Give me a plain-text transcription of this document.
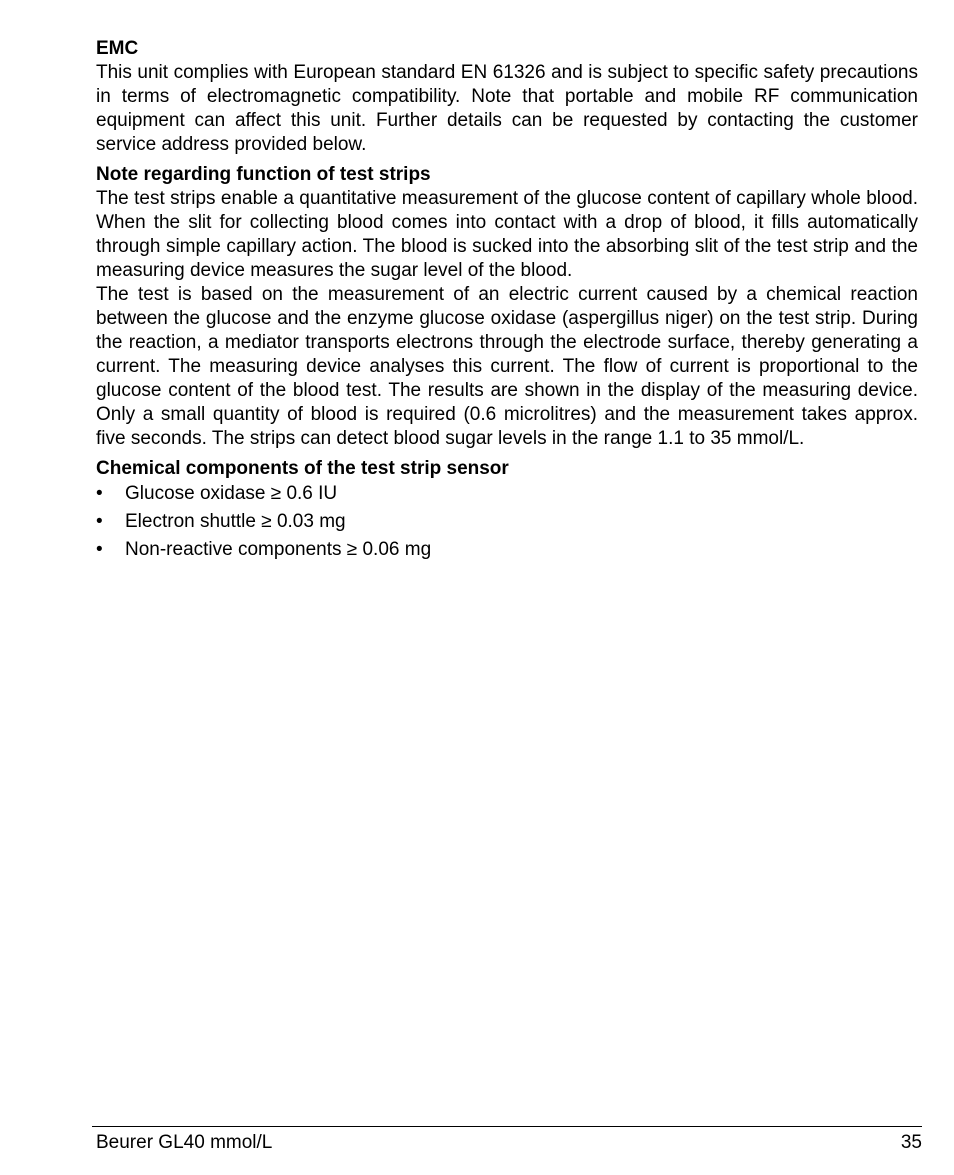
EMC

This unit complies with European standard EN 61326 and is subject to specific safety precautions in terms of electromagnetic compatibility. Note that portable and mobile RF communication equipment can affect this unit. Further details can be requested by contacting the customer service address provided below.

Note regarding function of test strips

The test strips enable a quantitative measurement of the glucose content of capillary whole blood. When the slit for collecting blood comes into contact with a drop of blood, it fills automatically through simple capillary action. The blood is sucked into the absorbing slit of the test strip and the measuring device measures the sugar level of the blood.

The test is based on the measurement of an electric current caused by a chemical reaction between the glucose and the enzyme glucose oxidase (aspergillus niger) on the test strip. During the reaction, a mediator transports electrons through the electrode surface, thereby generating a current. The measuring device analyses this current. The flow of current is proportional to the glucose content of the blood test. The results are shown in the display of the measuring device. Only a small quantity of blood is required (0.6 microlitres) and the measurement takes approx. five seconds. The strips can detect blood sugar levels in the range 1.1 to 35 mmol/L.

Chemical components of the test strip sensor
• Glucose oxidase ≥ 0.6 IU
• Electron shuttle ≥ 0.03 mg
• Non-reactive components ≥ 0.06 mg
Beurer GL40 mmol/L	35
